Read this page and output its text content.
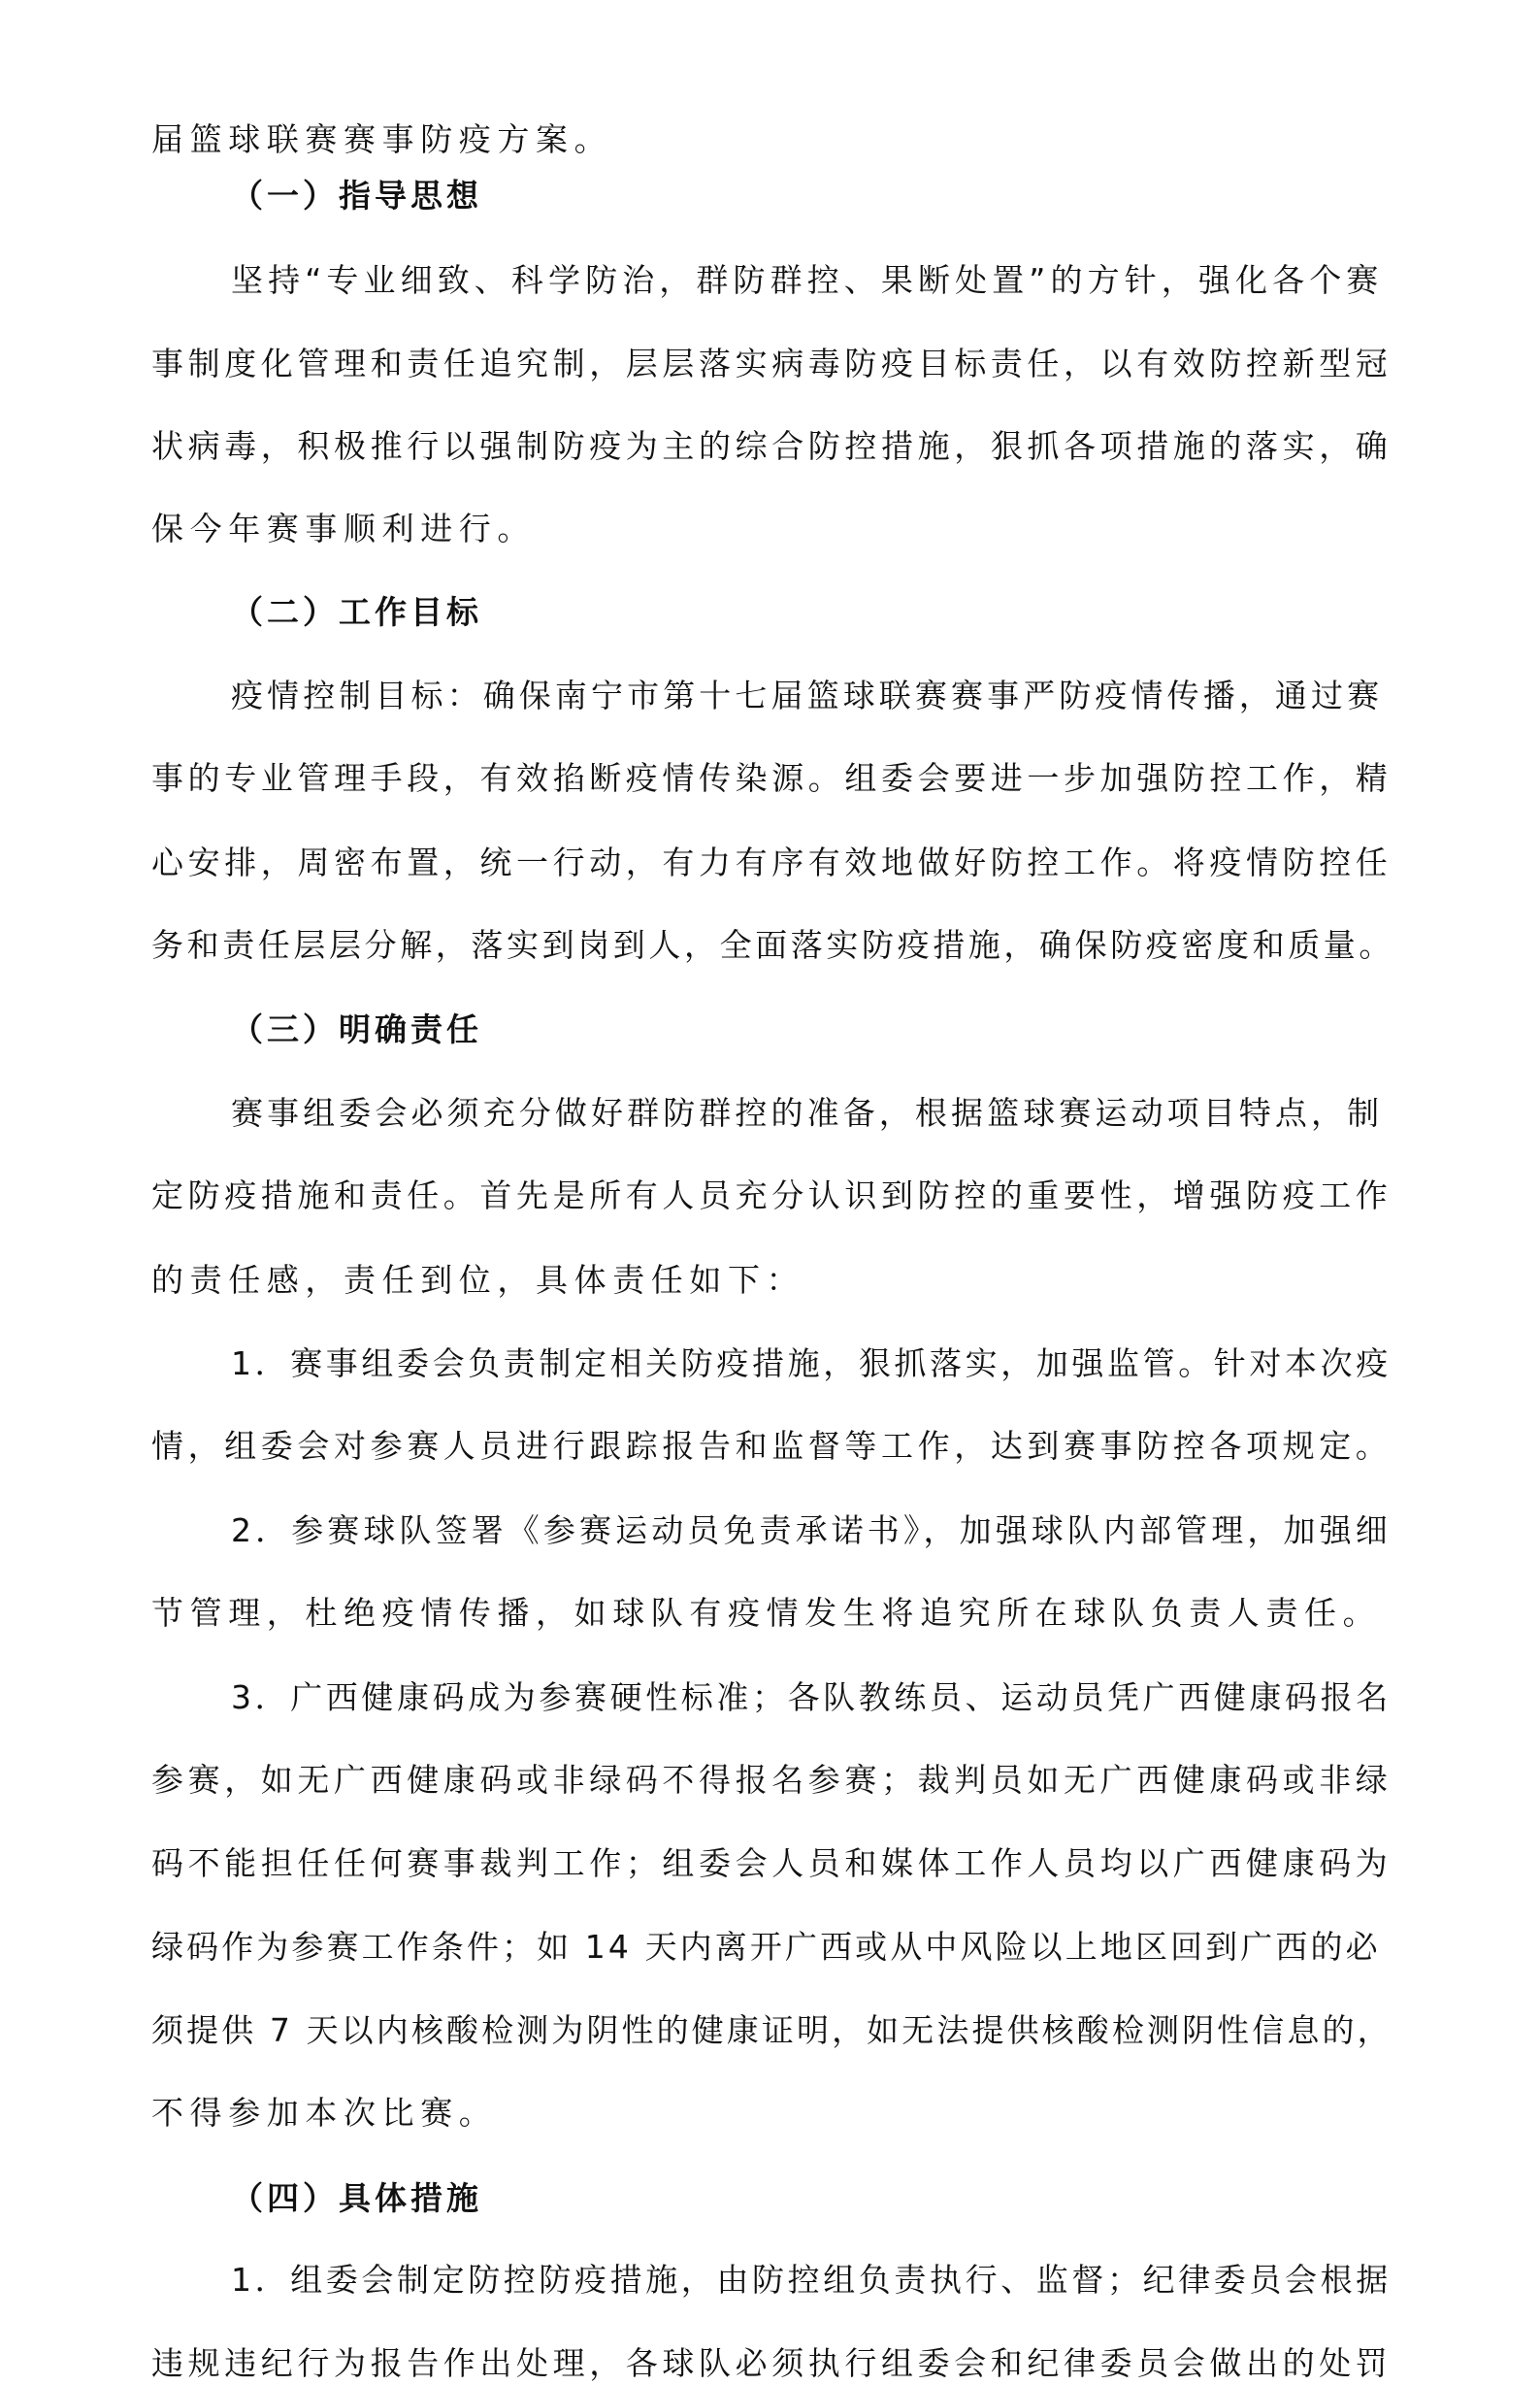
届篮球联赛赛事防疫方案。
（一）指导思想
坚持“专业细致、科学防治，群防群控、果断处置”的方针，强化各个赛
事制度化管理和责任追究制，层层落实病毒防疫目标责任，以有效防控新型冠
状病毒，积极推行以强制防疫为主的综合防控措施，狠抓各项措施的落实，确
保今年赛事顺利进行。
（二）工作目标
疫情控制目标：确保南宁市第十七届篮球联赛赛事严防疫情传播，通过赛
事的专业管理手段，有效掐断疫情传染源。组委会要进一步加强防控工作，精
心安排，周密布置，统一行动，有力有序有效地做好防控工作。将疫情防控任
务和责任层层分解，落实到岗到人，全面落实防疫措施，确保防疫密度和质量。
（三）明确责任
赛事组委会必须充分做好群防群控的准备，根据篮球赛运动项目特点，制
定防疫措施和责任。首先是所有人员充分认识到防控的重要性，增强防疫工作
的责任感，责任到位，具体责任如下：
1．赛事组委会负责制定相关防疫措施，狠抓落实，加强监管。针对本次疫
情，组委会对参赛人员进行跟踪报告和监督等工作，达到赛事防控各项规定。
2．参赛球队签署《参赛运动员免责承诺书》，加强球队内部管理，加强细
节管理，杜绝疫情传播，如球队有疫情发生将追究所在球队负责人责任。
3．广西健康码成为参赛硬性标准；各队教练员、运动员凭广西健康码报名
参赛，如无广西健康码或非绿码不得报名参赛；裁判员如无广西健康码或非绿
码不能担任任何赛事裁判工作；组委会人员和媒体工作人员均以广西健康码为
绿码作为参赛工作条件；如 14 天内离开广西或从中风险以上地区回到广西的必
须提供 7 天以内核酸检测为阴性的健康证明，如无法提供核酸检测阴性信息的，
不得参加本次比赛。
（四）具体措施
1．组委会制定防控防疫措施，由防控组负责执行、监督；纪律委员会根据
违规违纪行为报告作出处理，各球队必须执行组委会和纪律委员会做出的处罚
